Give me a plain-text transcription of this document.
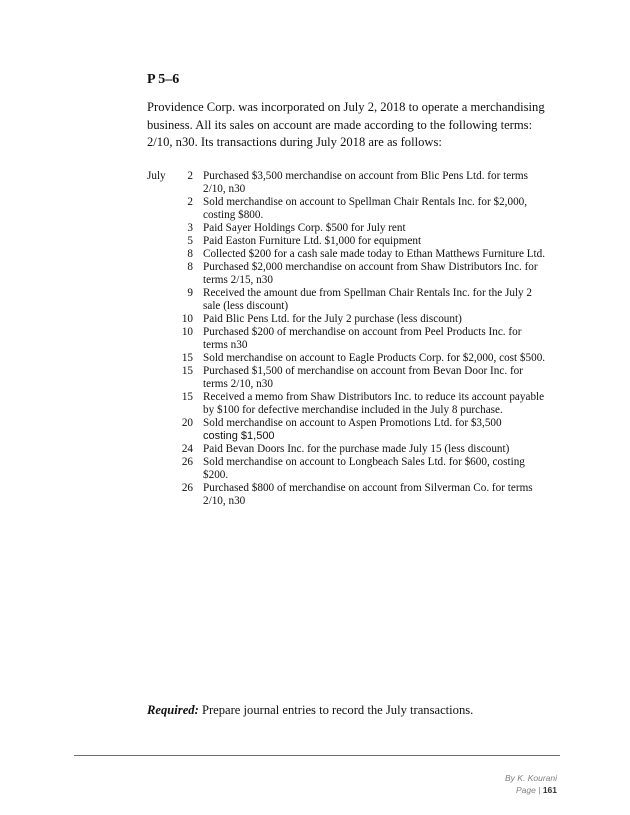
P 5–6

Providence Corp. was incorporated on July 2, 2018 to operate a merchandising business. All its sales on account are made according to the following terms: 2/10, n30. Its transactions during July 2018 are as follows:

July	2 Purchased $3,500 merchandise on account from Blic Pens Ltd. for terms 2/10, n30
2 Sold merchandise on account to Spellman Chair Rentals Inc. for $2,000, costing $800.
3 Paid Sayer Holdings Corp. $500 for July rent
5 Paid Easton Furniture Ltd. $1,000 for equipment
8 Collected $200 for a cash sale made today to Ethan Matthews Furniture Ltd.
8 Purchased $2,000 merchandise on account from Shaw Distributors Inc. for terms 2/15, n30
9 Received the amount due from Spellman Chair Rentals Inc. for the July 2 sale (less discount)
10 Paid Blic Pens Ltd. for the July 2 purchase (less discount)
10 Purchased $200 of merchandise on account from Peel Products Inc. for terms n30
15 Sold merchandise on account to Eagle Products Corp. for $2,000, cost $500.
15 Purchased $1,500 of merchandise on account from Bevan Door Inc. for terms 2/10, n30
15 Received a memo from Shaw Distributors Inc. to reduce its account payable by $100 for defective merchandise included in the July 8 purchase.
20 Sold merchandise on account to Aspen Promotions Ltd. for $3,500
costing $1,500
24 Paid Bevan Doors Inc. for the purchase made July 15 (less discount)
26 Sold merchandise on account to Longbeach Sales Ltd. for $600, costing $200.
26 Purchased $800 of merchandise on account from Silverman Co. for terms 2/10, n30

Required: Prepare journal entries to record the July transactions.

By K. Kourani

Page | 161
